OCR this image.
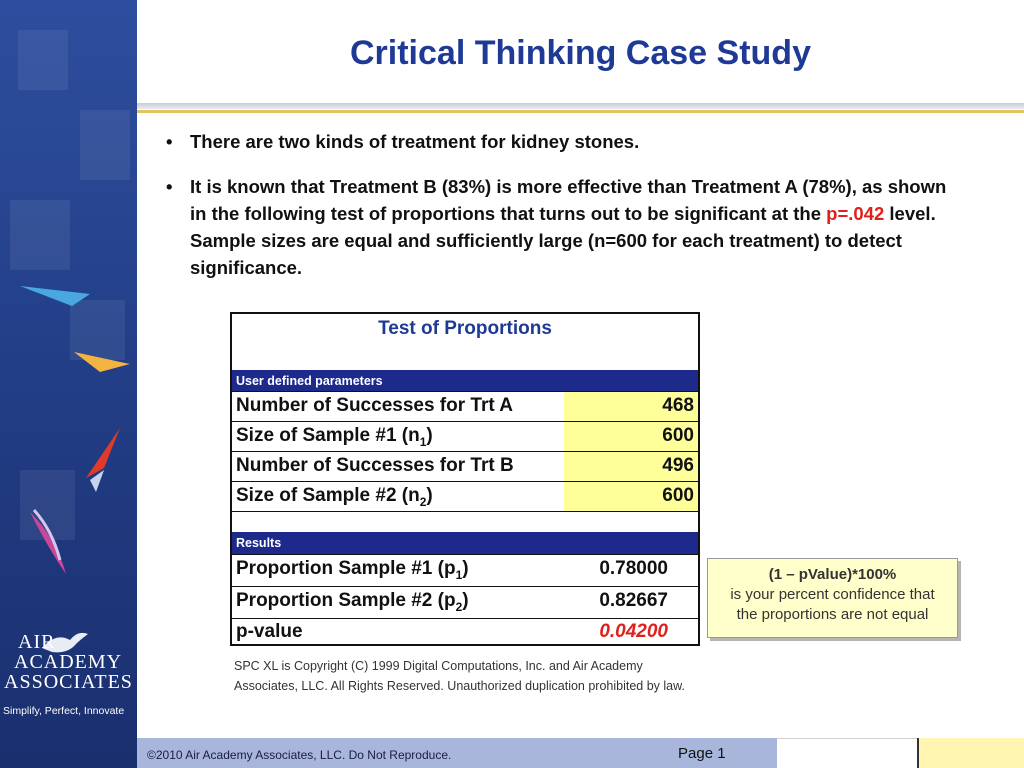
AIR
ACADEMY
ASSOCIATES
Simplify, Perfect, Innovate
Critical Thinking Case Study
• There are two kinds of treatment for kidney stones.
• It is known that Treatment B (83%) is more effective than Treatment A (78%), as shown in the following test of proportions that turns out to be significant at the p=.042 level. Sample sizes are equal and sufficiently large (n=600 for each treatment) to detect significance.
Test of Proportions
User defined parameters
Number of Successes for Trt A	468
Size of Sample #1 $(n_1)$	600
Number of Successes for Trt B	496
Size of Sample #2 $(n_2)$	600
Results
Proportion Sample #1 $(p_1)$	0.78000
Proportion Sample #2 $(p_2)$	0.82667
p-value	0.04200
(1 – pValue)*100%
is your percent confidence that
the proportions are not equal
SPC XL is Copyright (C) 1999 Digital Computations, Inc. and Air Academy Associates, LLC. All Rights Reserved. Unauthorized duplication prohibited by law.
©2010 Air Academy Associates, LLC. Do Not Reproduce.	Page 1
